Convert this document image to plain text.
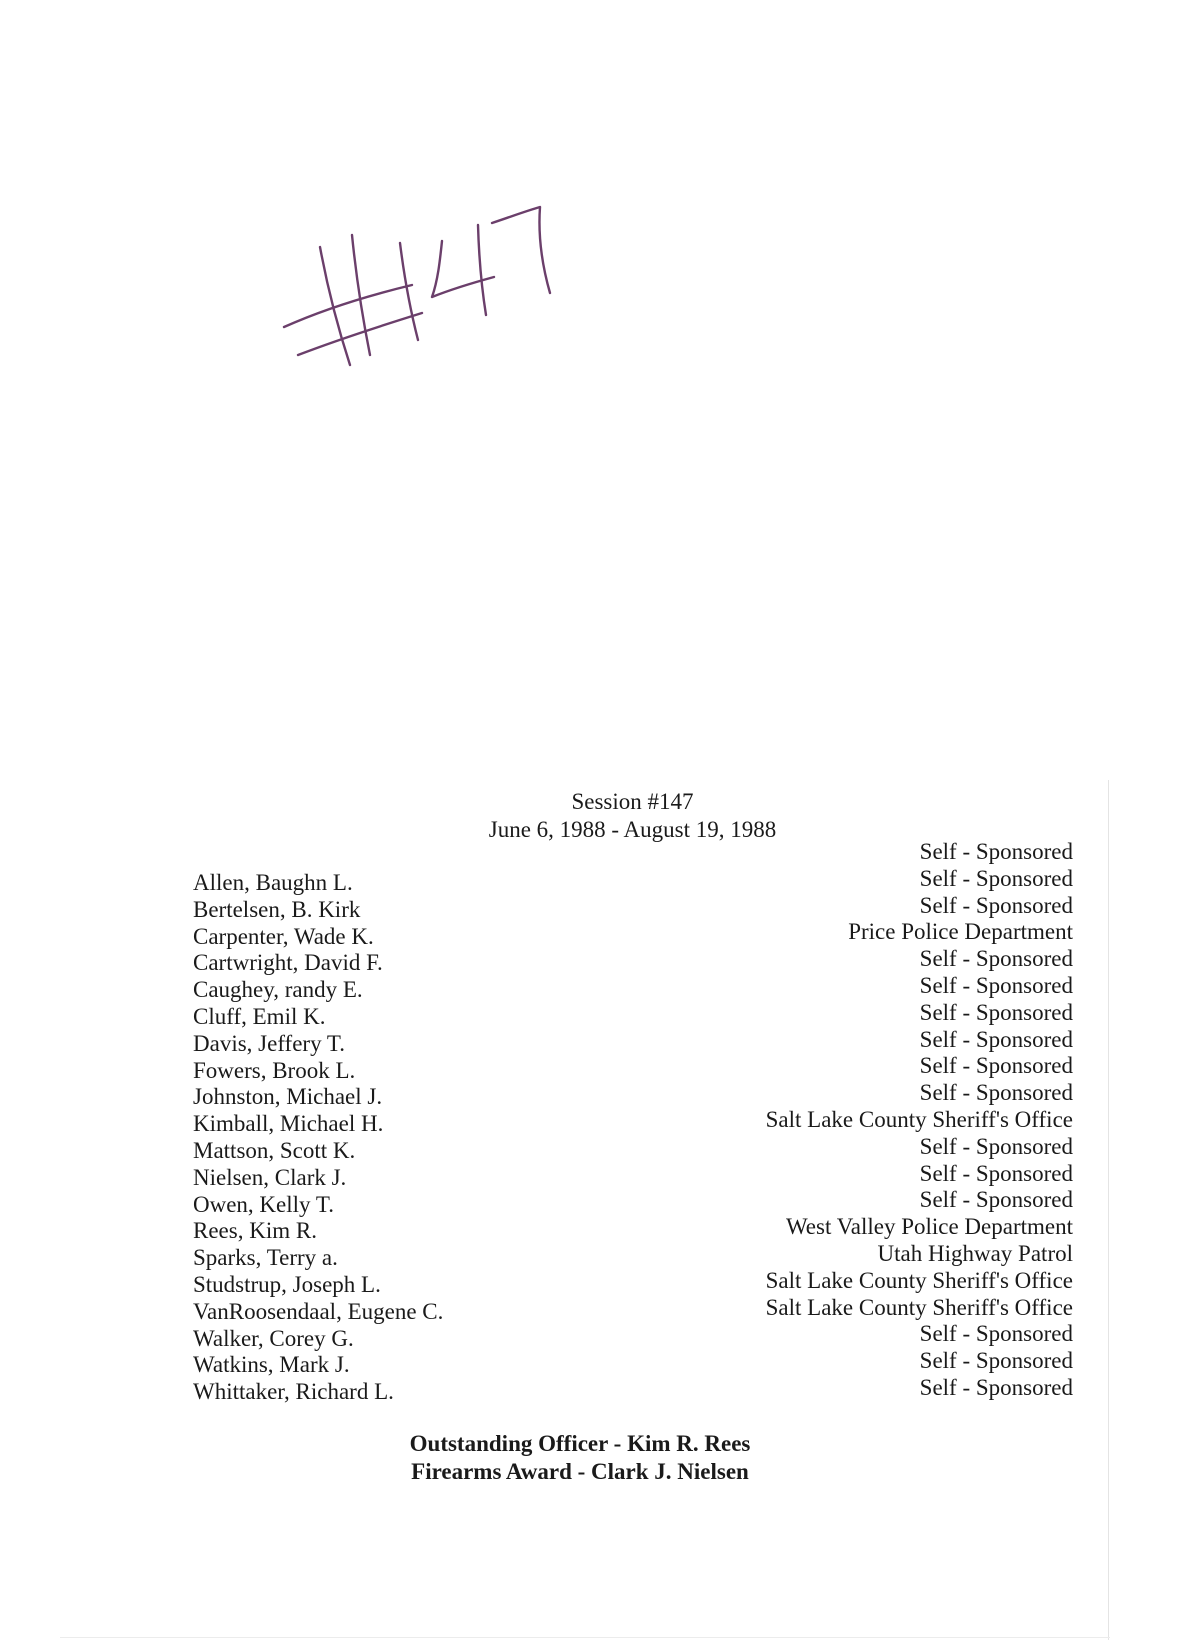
Session #147
June 6, 1988 - August 19, 1988
Allen, Baughn L.
Bertelsen, B. Kirk
Carpenter, Wade K.
Cartwright, David F.
Caughey, randy E.
Cluff, Emil K.
Davis, Jeffery T.
Fowers, Brook L.
Johnston, Michael J.
Kimball, Michael H.
Mattson, Scott K.
Nielsen, Clark J.
Owen, Kelly T.
Rees, Kim R.
Sparks, Terry a.
Studstrup, Joseph L.
VanRoosendaal, Eugene C.
Walker, Corey G.
Watkins, Mark J.
Whittaker, Richard L.
Self - Sponsored
Self - Sponsored
Self - Sponsored
Price Police Department
Self - Sponsored
Self - Sponsored
Self - Sponsored
Self - Sponsored
Self - Sponsored
Self - Sponsored
Salt Lake County Sheriff's Office
Self - Sponsored
Self - Sponsored
Self - Sponsored
West Valley Police Department
Utah Highway Patrol
Salt Lake County Sheriff's Office
Salt Lake County Sheriff's Office
Self - Sponsored
Self - Sponsored
Self - Sponsored
Outstanding Officer - Kim R. Rees
Firearms Award - Clark J. Nielsen
